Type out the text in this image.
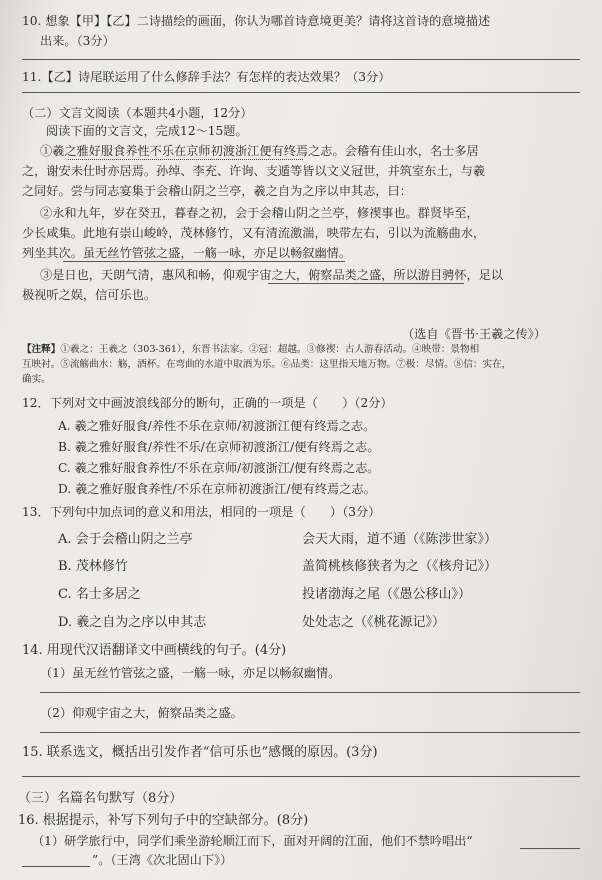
10. 想象【甲】【乙】二诗描绘的画面，你认为哪首诗意境更美？请将这首诗的意境描述
出来。（3分）
11.【乙】诗尾联运用了什么修辞手法？有怎样的表达效果？（3分）
（二）文言文阅读（本题共4小题，12分）
阅读下面的文言文，完成12～15题。
①羲之雅好服食养性不乐在京师初渡浙江便有终焉之志。会稽有佳山水，名士多居
之，谢安未仕时亦居焉。孙绰、李充、许询、支遁等皆以文义冠世，并筑室东土，与羲
之同好。尝与同志宴集于会稽山阴之兰亭，羲之自为之序以申其志，曰：
②永和九年，岁在癸丑，暮春之初，会于会稽山阴之兰亭，修禊事也。群贤毕至，
少长咸集。此地有崇山峻岭，茂林修竹，又有清流激湍，映带左右，引以为流觞曲水，
列坐其次。虽无丝竹管弦之盛，一觞一咏，亦足以畅叙幽情。
③是日也，天朗气清，惠风和畅，仰观宇宙之大，俯察品类之盛，所以游目骋怀，足以
极视听之娱，信可乐也。
（选自《晋书·王羲之传》）
【注释】①羲之：王羲之（303-361），东晋书法家。②冠：超越。③修禊：古人游春活动。④映带：景物相
互映衬。⑤流觞曲水：觞，酒杯。在弯曲的水道中取酒为乐。⑥品类：这里指天地万物。⑦极：尽情。⑧信：实在，
确实。
12．下列对文中画波浪线部分的断句，正确的一项是（　　）（2分）
A. 羲之雅好服食/养性不乐在京师/初渡浙江便有终焉之志。
B. 羲之雅好服食/养性不乐/在京师初渡浙江/便有终焉之志。
C. 羲之雅好服食养性/不乐在京师/初渡浙江/便有终焉之志。
D. 羲之雅好服食养性/不乐在京师初渡浙江/便有终焉之志。
13．下列句中加点词的意义和用法，相同的一项是（　　）（3分）
A. 会于会稽山阴之兰亭	会天大雨，道不通（《陈涉世家》）
B. 茂林修竹	盖简桃核修狭者为之（《核舟记》）
C. 名士多居之	投诸渤海之尾（《愚公移山》）
D. 羲之自为之序以申其志	处处志之（《桃花源记》）
14. 用现代汉语翻译文中画横线的句子。(4分)
（1）虽无丝竹管弦之盛，一觞一咏，亦足以畅叙幽情。
（2）仰观宇宙之大，俯察品类之盛。
15. 联系选文，概括出引发作者“信可乐也”感慨的原因。(3分)
（三）名篇名句默写（8分）
16. 根据提示，补写下列句子中的空缺部分。(8分)
（1）研学旅行中，同学们乘坐游轮顺江而下，面对开阔的江面，他们不禁吟唱出“
”。（王湾《次北固山下》）
